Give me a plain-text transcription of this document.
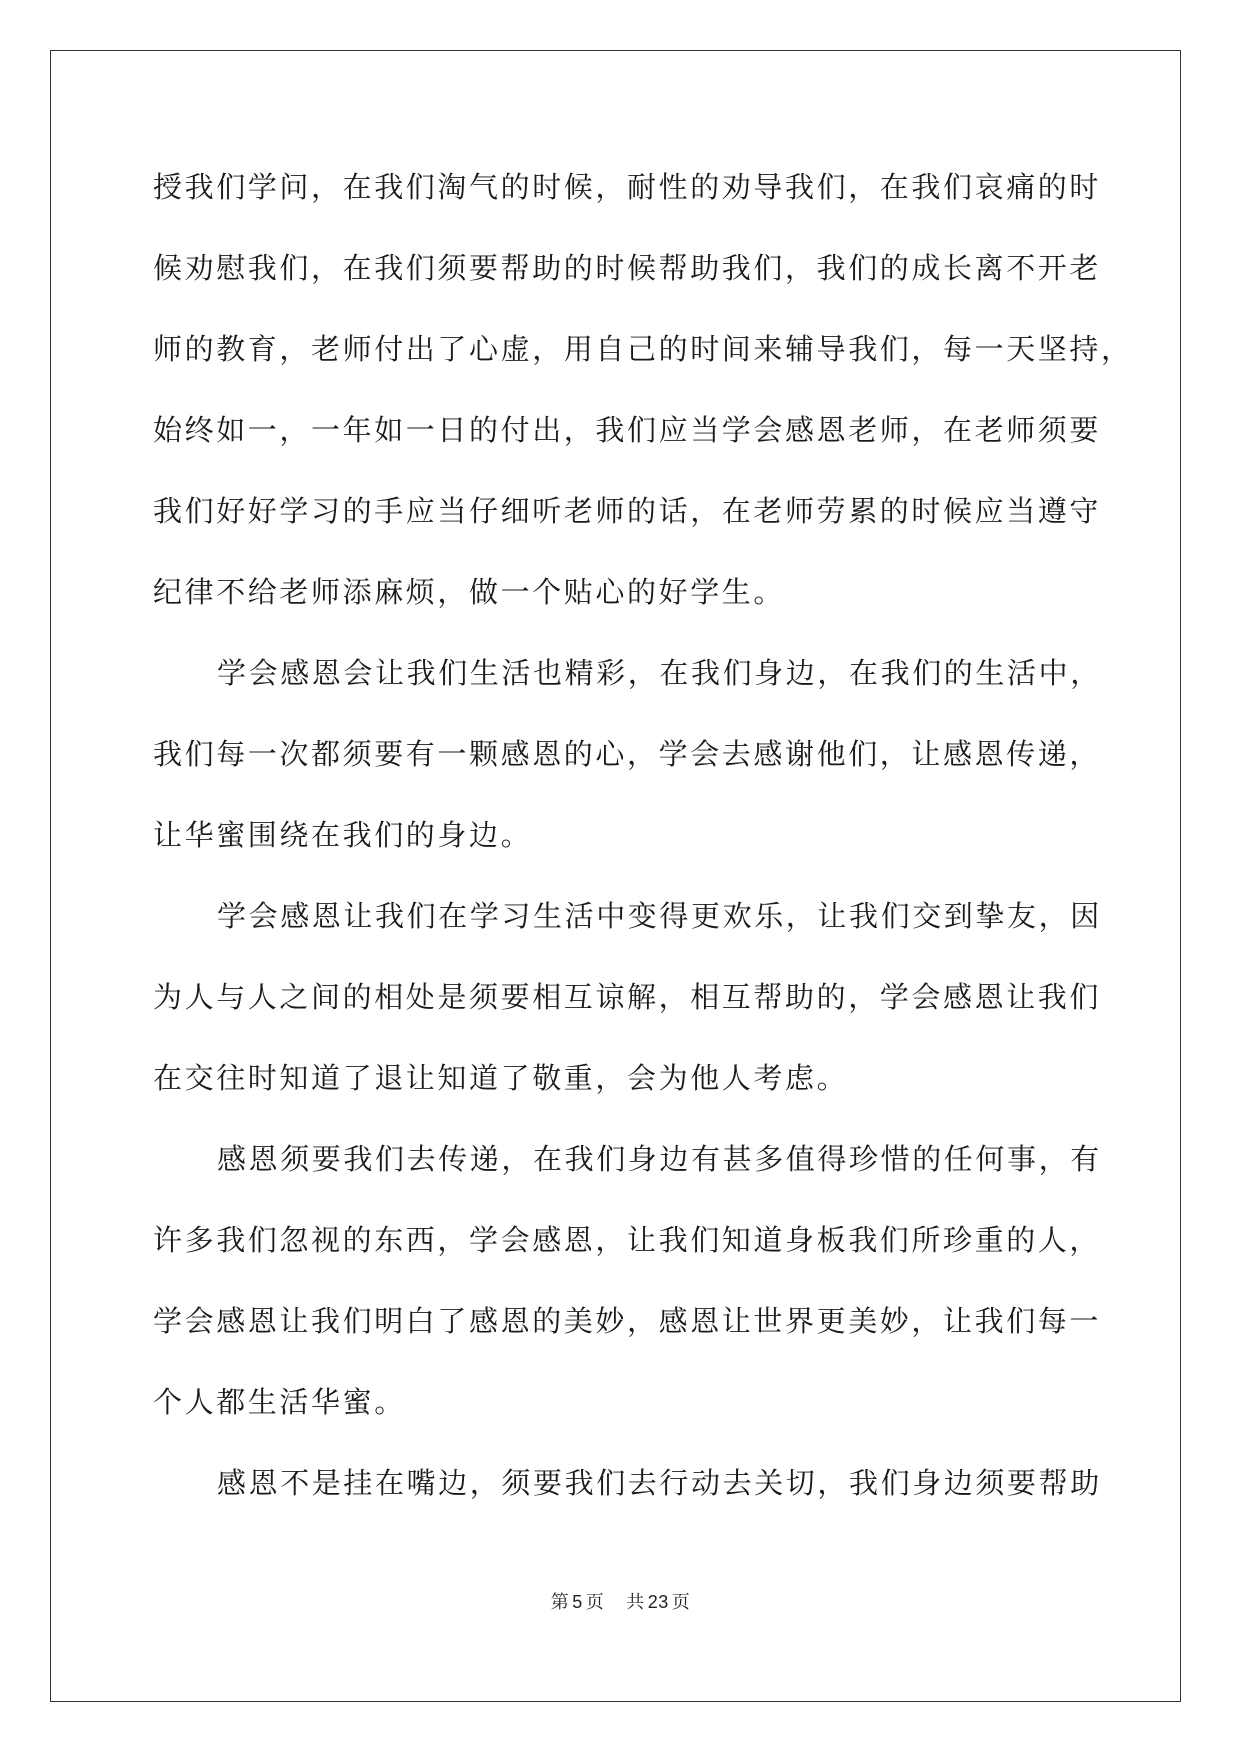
授我们学问，在我们淘气的时候，耐性的劝导我们，在我们哀痛的时
候劝慰我们，在我们须要帮助的时候帮助我们，我们的成长离不开老
师的教育，老师付出了心虚，用自己的时间来辅导我们，每一天坚持，
始终如一，一年如一日的付出，我们应当学会感恩老师，在老师须要
我们好好学习的手应当仔细听老师的话，在老师劳累的时候应当遵守
纪律不给老师添麻烦，做一个贴心的好学生。
学会感恩会让我们生活也精彩，在我们身边，在我们的生活中，
我们每一次都须要有一颗感恩的心，学会去感谢他们，让感恩传递，
让华蜜围绕在我们的身边。
学会感恩让我们在学习生活中变得更欢乐，让我们交到挚友，因
为人与人之间的相处是须要相互谅解，相互帮助的，学会感恩让我们
在交往时知道了退让知道了敬重，会为他人考虑。
感恩须要我们去传递，在我们身边有甚多值得珍惜的任何事，有
许多我们忽视的东西，学会感恩，让我们知道身板我们所珍重的人，
学会感恩让我们明白了感恩的美妙，感恩让世界更美妙，让我们每一
个人都生活华蜜。
感恩不是挂在嘴边，须要我们去行动去关切，我们身边须要帮助
第 5 页 共 23 页
